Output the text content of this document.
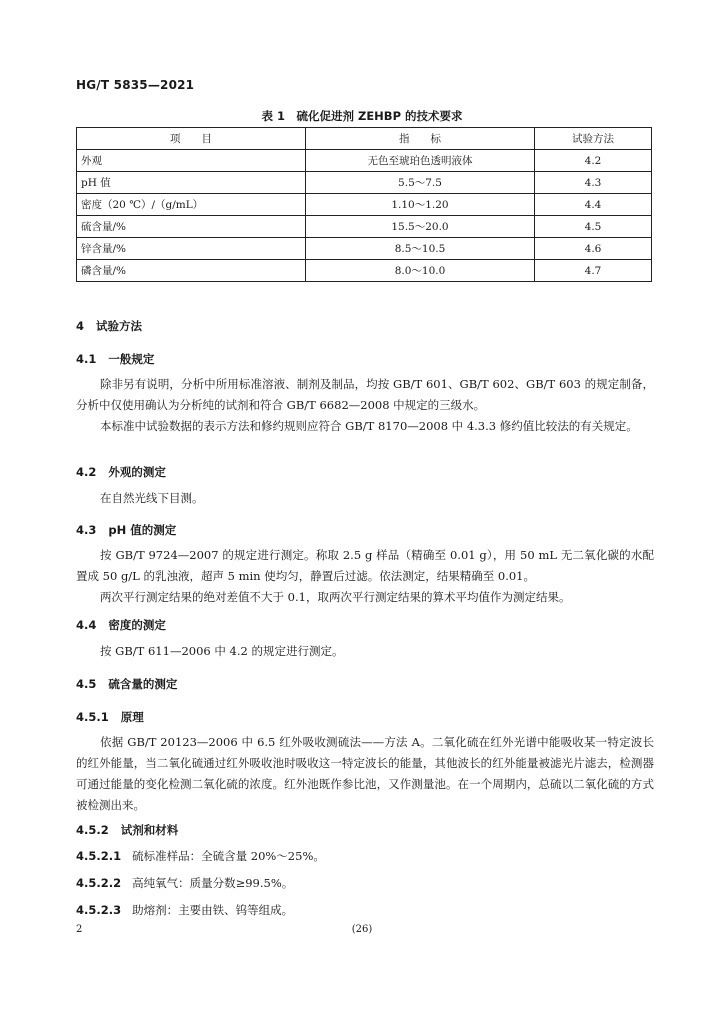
HG/T 5835—2021
表 1　硫化促进剂 ZEHBP 的技术要求
项　　目	指　　标	试验方法
外观	无色至琥珀色透明液体	4.2
pH 值	5.5～7.5	4.3
密度（20 ℃）/（g/mL）	1.10～1.20	4.4
硫含量/%	15.5～20.0	4.5
锌含量/%	8.5～10.5	4.6
磷含量/%	8.0～10.0	4.7
4 试验方法
4.1 一般规定
除非另有说明，分析中所用标准溶液、制剂及制品，均按 GB/T 601、GB/T 602、GB/T 603 的规定制备，分析中仅使用确认为分析纯的试剂和符合 GB/T 6682—2008 中规定的三级水。
本标准中试验数据的表示方法和修约规则应符合 GB/T 8170—2008 中 4.3.3 修约值比较法的有关规定。
4.2 外观的测定
在自然光线下目测。
4.3 pH 值的测定
按 GB/T 9724—2007 的规定进行测定。称取 2.5 g 样品（精确至 0.01 g），用 50 mL 无二氧化碳的水配置成 50 g/L 的乳浊液，超声 5 min 使均匀，静置后过滤。依法测定，结果精确至 0.01。
两次平行测定结果的绝对差值不大于 0.1，取两次平行测定结果的算术平均值作为测定结果。
4.4 密度的测定
按 GB/T 611—2006 中 4.2 的规定进行测定。
4.5 硫含量的测定
4.5.1 原理
依据 GB/T 20123—2006 中 6.5 红外吸收测硫法——方法 A。二氧化硫在红外光谱中能吸收某一特定波长的红外能量，当二氧化硫通过红外吸收池时吸收这一特定波长的能量，其他波长的红外能量被滤光片滤去，检测器可通过能量的变化检测二氧化硫的浓度。红外池既作参比池，又作测量池。在一个周期内，总硫以二氧化硫的方式被检测出来。
4.5.2 试剂和材料
4.5.2.1 硫标准样品：全硫含量 20%～25%。
4.5.2.2 高纯氧气：质量分数≥99.5%。
4.5.2.3 助熔剂：主要由铁、钨等组成。
2	(26)
